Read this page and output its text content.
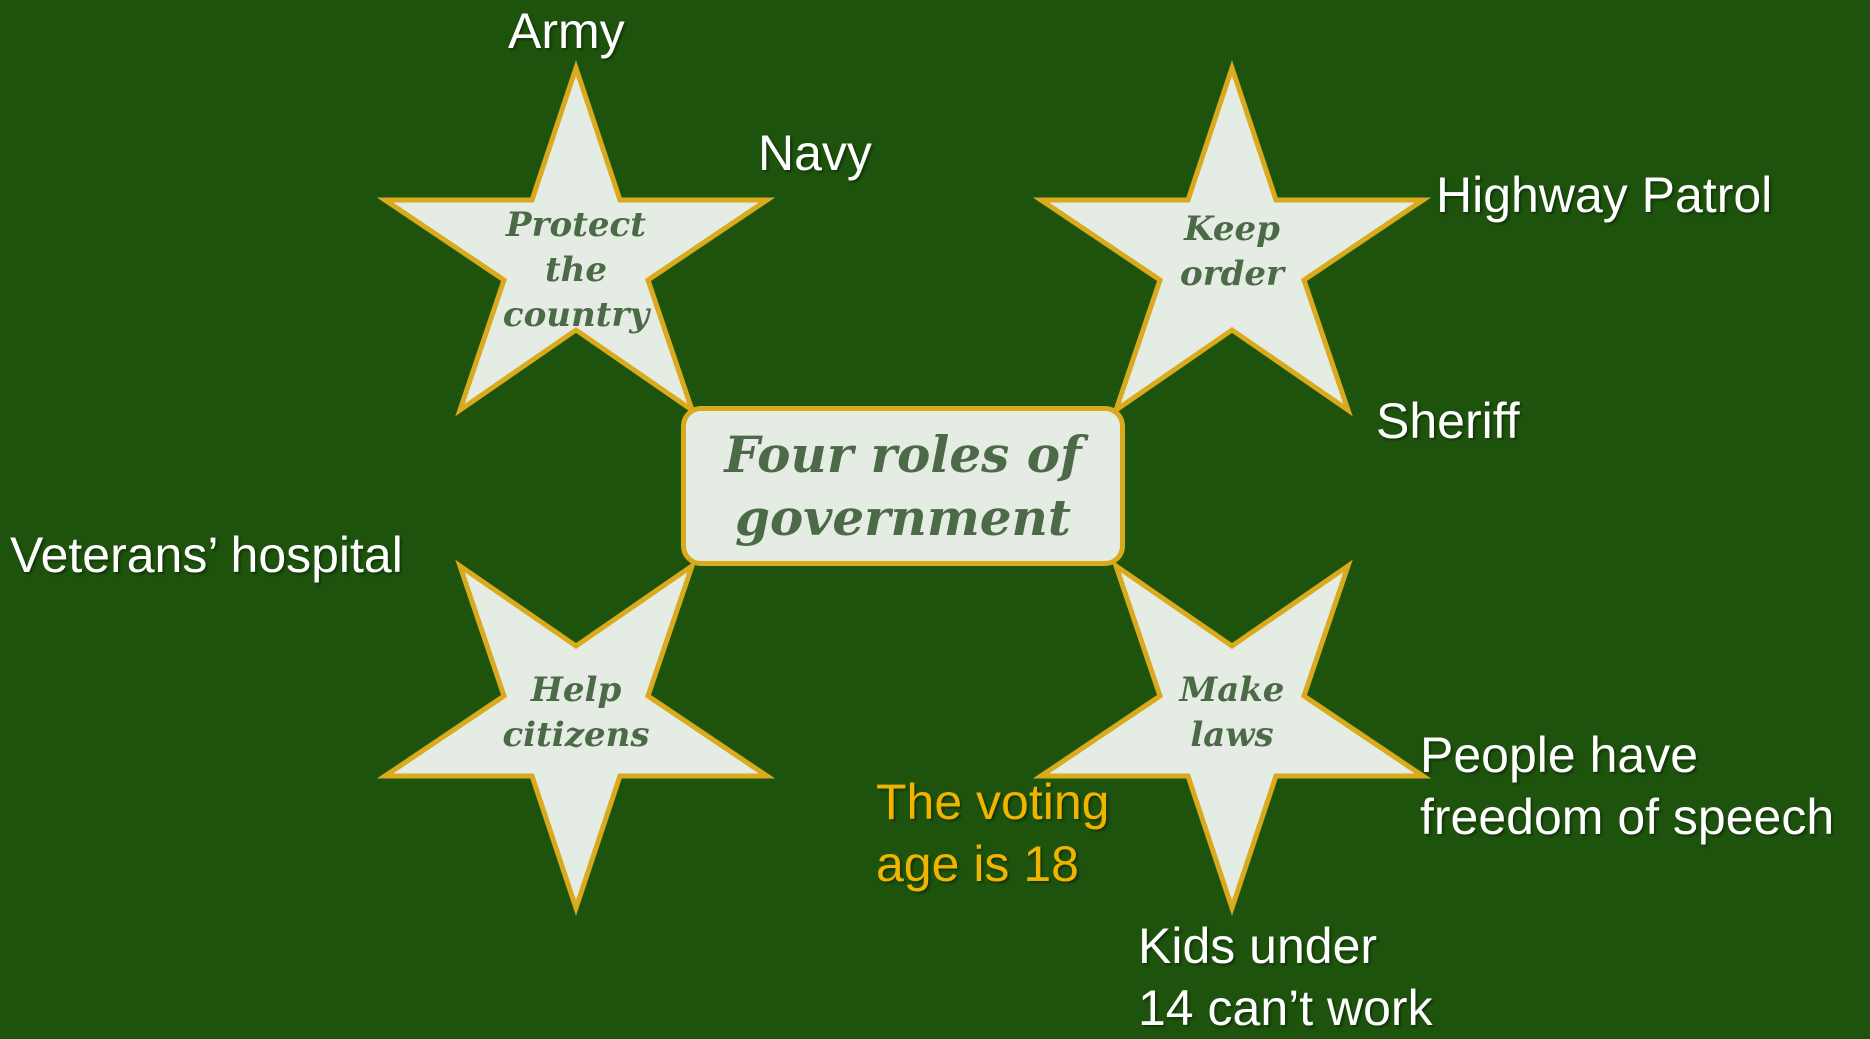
Four roles of
government
Protect
the
country
Keep
order
Help
citizens
Make
laws
Army
Navy
Highway Patrol
Sheriff
Veterans’ hospital
The voting
age is 18
People have
freedom of speech
Kids under
14 can’t work
